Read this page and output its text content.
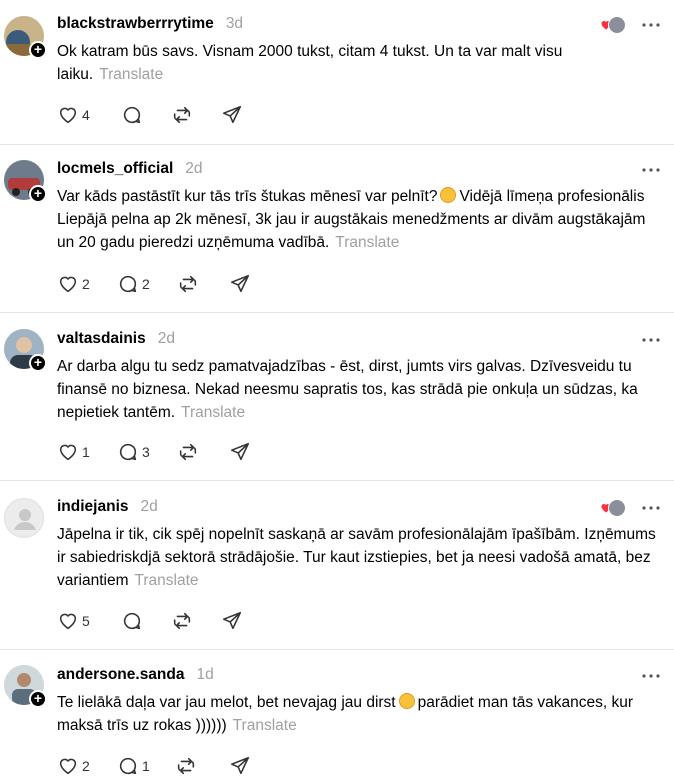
+
blackstrawberrrytime 3d
Ok katram būs savs. Visnam 2000 tukst, citam 4 tukst. Un ta var malt visu laiku. Translate
4
+
locmels_official 2d
Var kāds pastāstīt kur tās trīs štukas mēnesī var pelnīt? Vidējā līmeņa profesionālis Liepājā pelna ap 2k mēnesī, 3k jau ir augstākais menedžments ar divām augstākajām un 20 gadu pieredzi uzņēmuma vadībā. Translate
2	2
+
valtasdainis 2d
Ar darba algu tu sedz pamatvajadzības - ēst, dirst, jumts virs galvas. Dzīvesveidu tu finansē no biznesa. Nekad neesmu sapratis tos, kas strādā pie onkuļa un sūdzas, ka nepietiek tantēm. Translate
1	3
indiejanis 2d
Jāpelna ir tik, cik spēj nopelnīt saskaņā ar savām profesionālajām īpašībām. Izņēmums ir sabiedriskdjā sektorā strādājošie. Tur kaut izstiepies, bet ja neesi vadošā amatā, bez variantiem Translate
5
+
andersone.sanda 1d
Te lielākā daļa var jau melot, bet nevajag jau dirst parādiet man tās vakances, kur maksā trīs uz rokas )))))) Translate
2	1
